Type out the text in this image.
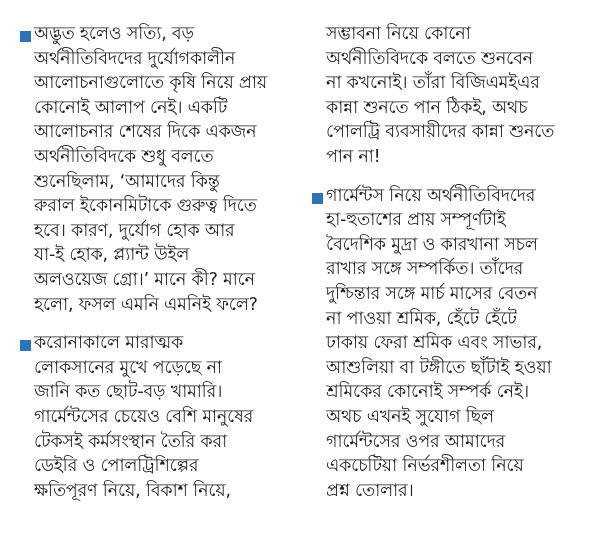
অদ্ভুত হলেও সত্যি, বড়
অর্থনীতিবিদদের দুর্যোগকালীন
আলোচনাগুলোতে কৃষি নিয়ে প্রায়
কোনোই আলাপ নেই। একটি
আলোচনার শেষের দিকে একজন
অর্থনীতিবিদকে শুধু বলতে
শুনেছিলাম, ‘আমাদের কিন্তু
রুরাল ইকোনমিটাকে গুরুত্ব দিতে
হবে। কারণ, দুর্যোগ হোক আর
যা-ই হোক, প্ল্যান্ট উইল
অলওয়েজ গ্রো।’ মানে কী? মানে
হলো, ফসল এমনি এমনিই ফলে?
করোনাকালে মারাত্মক
লোকসানের মুখে পড়েছে না
জানি কত ছোট-বড় খামারি।
গার্মেন্টসের চেয়েও বেশি মানুষের
টেকসই কর্মসংস্থান তৈরি করা
ডেইরি ও পোলট্রিশিল্পের
ক্ষতিপূরণ নিয়ে, বিকাশ নিয়ে,
সম্ভাবনা নিয়ে কোনো
অর্থনীতিবিদকে বলতে শুনবেন
না কখনোই। তাঁরা বিজিএমইএর
কান্না শুনতে পান ঠিকই, অথচ
পোলট্রি ব্যবসায়ীদের কান্না শুনতে
পান না!
গার্মেন্টস নিয়ে অর্থনীতিবিদদের
হা-হুতাশের প্রায় সম্পূর্ণটাই
বৈদেশিক মুদ্রা ও কারখানা সচল
রাখার সঙ্গে সম্পর্কিত। তাঁদের
দুশ্চিন্তার সঙ্গে মার্চ মাসের বেতন
না পাওয়া শ্রমিক, হেঁটে হেঁটে
ঢাকায় ফেরা শ্রমিক এবং সাভার,
আশুলিয়া বা টঙ্গীতে ছাঁটাই হওয়া
শ্রমিকের কোনোই সম্পর্ক নেই।
অথচ এখনই সুযোগ ছিল
গার্মেন্টসের ওপর আমাদের
একচেটিয়া নির্ভরশীলতা নিয়ে
প্রশ্ন তোলার।
